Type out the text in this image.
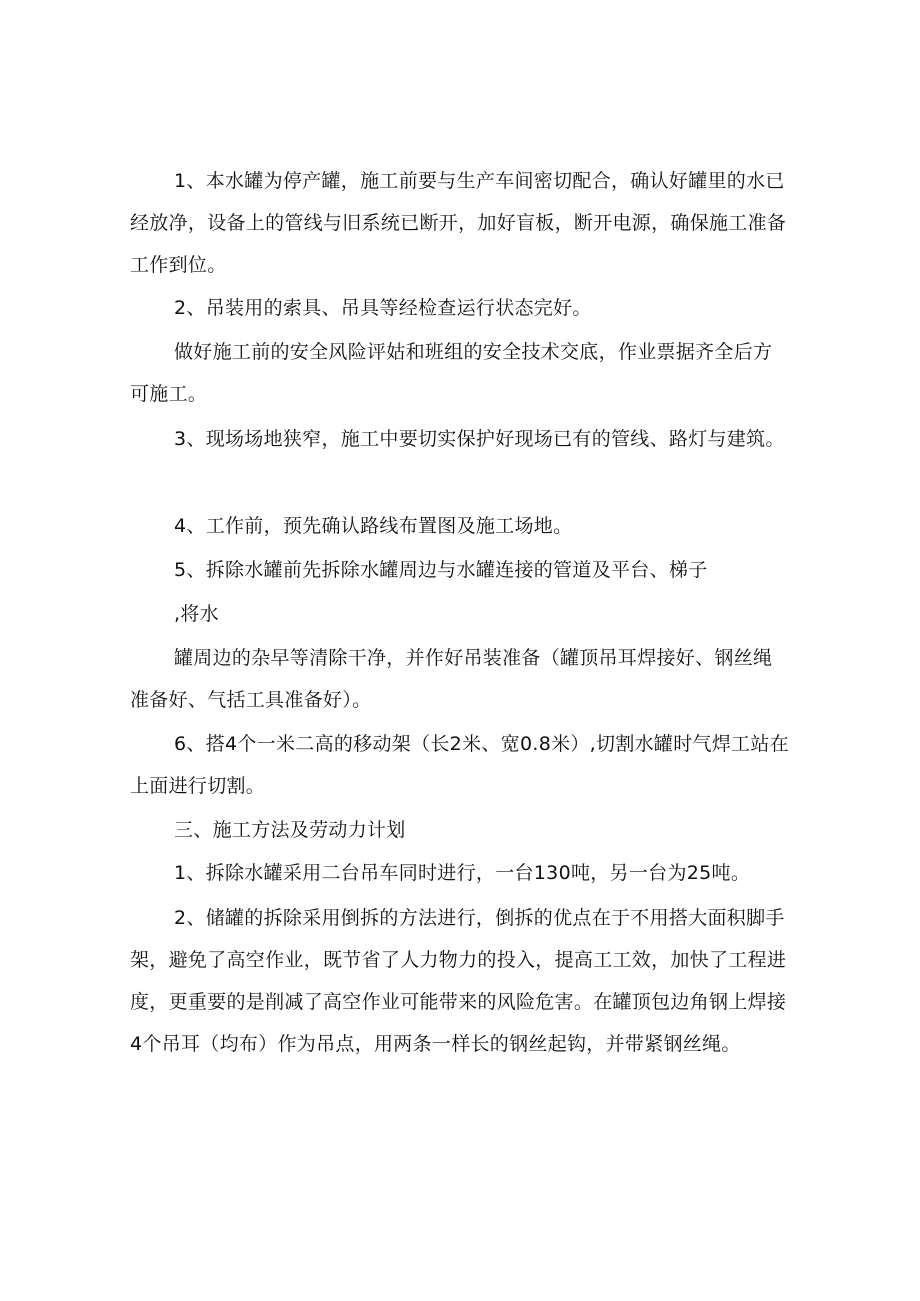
1、本水罐为停产罐，施工前要与生产车间密切配合，确认好罐里的水已经放净，设备上的管线与旧系统已断开，加好盲板，断开电源，确保施工准备工作到位。

2、吊装用的索具、吊具等经检查运行状态完好。

做好施工前的安全风险评姑和班组的安全技术交底，作业票据齐全后方可施工。

3、现场场地狭窄，施工中要切实保护好现场已有的管线、路灯与建筑。

4、工作前，预先确认路线布置图及施工场地。

5、拆除水罐前先拆除水罐周边与水罐连接的管道及平台、梯子

,将水

罐周边的杂早等清除干净，并作好吊装准备（罐顶吊耳焊接好、钢丝绳准备好、气括工具准备好）。

6、搭4个一米二高的移动架（长2米、宽0.8米）,切割水罐时气焊工站在上面进行切割。

三、施工方法及劳动力计划

1、拆除水罐采用二台吊车同时进行，一台130吨，另一台为25吨。

2、储罐的拆除采用倒拆的方法进行，倒拆的优点在于不用搭大面积脚手架，避免了高空作业，既节省了人力物力的投入，提高工工效，加快了工程进度，更重要的是削减了高空作业可能带来的风险危害。在罐顶包边角钢上焊接4个吊耳（均布）作为吊点，用两条一样长的钢丝起钩，并带紧钢丝绳。
